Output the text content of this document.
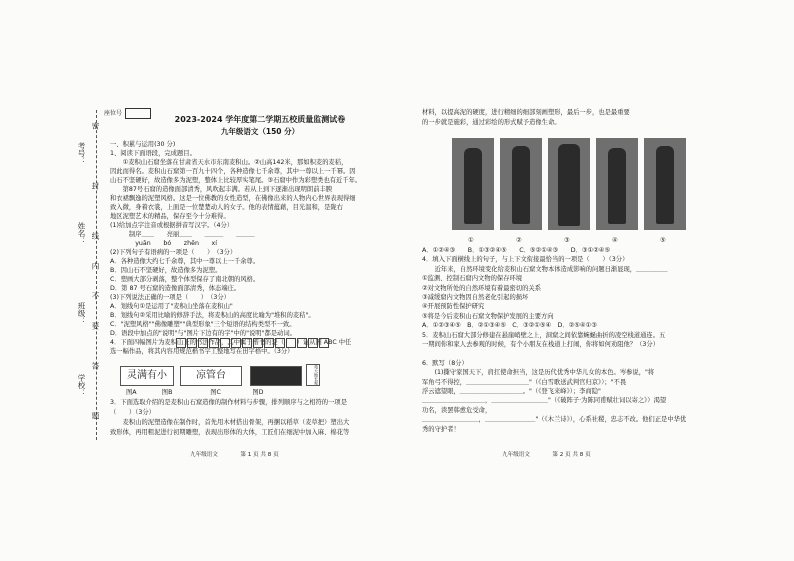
座位号
考号：
姓名：
班级：
学校：
密
封
线
内
不
要
答
题
2023-2024 学年度第二学期五校质量监测试卷
九年级语文（150 分）
一、积累与运用(30 分)
1、阅读下面语段，完成题目。
　　①麦积山石窟坐落在甘肃省天水市东南麦积山。②山高142米，那如积麦的麦秸，
因此而得名。麦积山石窟第一百九十四个，各种造像七千余尊，其中一尊以上一千幂。因
山石不坚硬好，故造像多为泥塑，整体上比较厚实笔尾。③石窟中作为彩塑类也有近千年。
　　第87号石窟的造像面部清秀，风吹起丰满。若从上到下逐渐出现明朗前丰腴
和衣裙飘逸的泥塑风格。这是一位佛教的女性造型，在佛像出来的人物内心世界表现得细
致入微，身着衣裳，上面是一位楚楚动人的女子。他的表情蕴藉，目光温和，是陇右
地区泥塑艺术的精品，保存至今十分难得。
(1)给加点字注音或根据拼音写汉字。（4分）
　　　制序＿＿　　亮丽＿＿　　＿＿＿　　＿＿＿
　　　　yuān　　bó　　zhēn　　xí
(2)下列句子有语病的一项是（　　）　（3分）
A．各种造像大约七千余尊，其中一尊以上一千余尊。
B．因山石不坚硬好，故造像多为泥塑。
C．塑画大部分剥落，整个体型保存了南北朝的风格。
D．第 87 号石窟的造像面部清秀，体态端庄。
(3)下列说法正确的一项是（　　）　（3分）
A．划线句①是运用了"麦积山坐落在麦积山"
B．划线句②采用比喻的修辞手法，将麦积山的高度比喻为"堆积的麦秸"。
C．"泥塑风格""佛像雕塑""典型形象"三个短语的结构类型不一致。
D．语段中加点的"说明"与"图片下边有的字"中的"说明"都是动词。
4．下面四幅图片为麦积山上的书法作品，其中属于楷书的是（　　）请从图 ABC 中任
选一幅作品，将其内容用规范楷书字工整地写在田字格中。（3分）
灵满有小	凉管台	苑大地长观
图A　　　　图B　　　　　　图C　　　　　图D
3．下面选取介绍的是麦积山石窟造像的制作材料与步骤，排列顺序与之相符的一项是
（　　）（3分）
　　麦积山的泥塑造像在制作时，首先用木材搭出骨架，再捆以稻草（麦草把）塑出大
致形体，再用粗泥进行初期雕塑，表现出形体的大体，工匠们在细泥中加入麻、棉花等
九年级语文　　　　第 1 页 共 8 页
材料，以提高泥的硬度，进行精细的细部刻画塑形，最后一步，也是最重要
的一步就是施彩，通过彩绘的形式赋予造像生命。
A．①②④③　　B．①③②④⑤　　C．⑤②①④③　　D．③①②④⑤
4．填入下面横线上的句子，与上下文衔接最恰当的一项是（　　）（3分）
　　近年来，自然环境变化给麦积山石窟文物本体造成影响的问题日渐显现，＿＿＿＿＿
①监测、控制石窟内文物的保存环境
②对文物所处的自然环境有着最密切的关系
③减缓窟内文物因自然老化引起的损坏
④开展预防性保护研究
⑤将是今后麦积山石窟文物保护发展的主要方向
A．①②③④⑤　B．②①③④⑤　C．③②①⑤④　D．②⑤④①③
5．麦积山石窟大部分修建在悬崖峭壁之上，洞窟之间依靠蜿蜒曲折的凌空栈道通连。五
一期间你和家人去参观的时候，有个小朋友在栈道上打闹，你将如何劝阻他？（3分）
6．默写（8分）
　　(1)撕守家国天下，肩扛使命担当，这是历代优秀中华儿女的本色。岑参说，"将
军角弓不得控，＿＿＿＿＿＿＿＿＿＿"（《白雪歌送武判官归京》）；"不畏
浮云遮望眼，＿＿＿＿＿＿＿＿＿＿。"（《登飞来峰》）；李商隐"
＿＿＿＿＿＿＿＿＿＿，＿＿＿＿＿＿＿＿＿"（《破阵子·为陈同甫赋壮词以寄之》）渴望
功名，读罢韩愈危受命，
＿＿＿＿＿＿＿＿＿，＿＿＿＿＿＿＿＿"（《木兰诗》），心系社稷，忠志不改。他们正是中华优
秀的守护者！
九年级语文　　　　第 2 页 共 8 页
①	②	③	④	⑤
